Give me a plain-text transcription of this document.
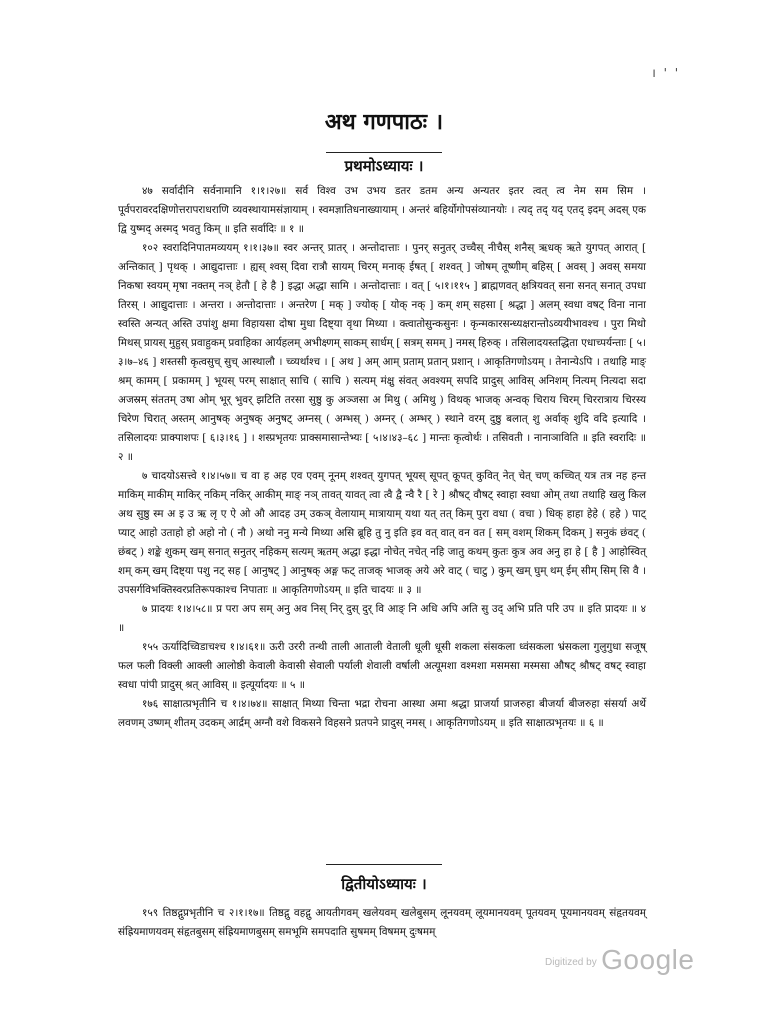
। ' '
अथ गणपाठः ।
प्रथमोऽध्यायः ।

४७ सर्वादीनि सर्वनामानि १।१।२७॥ सर्व विश्व उभ उभय डतर डतम अन्य अन्यतर इतर त्वत् त्व नेम सम सिम । पूर्वपरावरदक्षिणोत्तरापराधराणि व्यवस्थायामसंज्ञायाम् । स्वमज्ञातिधनाख्यायाम् । अन्तरं बहिर्योगोपसंव्यानयोः । त्यद् तद् यद् एतद् इदम् अदस् एक द्वि युष्मद् अस्मद् भवतु किम् ॥ इति सर्वादिः ॥ १ ॥

१०२ स्वरादिनिपातमव्ययम् १।१।३७॥ स्वर अन्तर् प्रातर् । अन्तोदात्ताः । पुनर् सनुतर् उच्चैस् नीचैस् शनैस् ऋधक् ऋते युगपत् आरात् [ अन्तिकात् ] पृथक् । आद्युदात्ताः । ह्यस् श्वस् दिवा रात्रौ सायम् चिरम् मनाक् ईषत् [ शश्वत् ] जोषम् तूष्णीम् बहिस् [ अवस् ] अवस् समया निकषा स्वयम् मृषा नक्तम् नञ् हेतौ [ हे है ] इद्धा अद्धा सामि । अन्तोदात्ताः । वत् [ ५।१।११५ ] ब्राह्मणवत् क्षत्रियवत् सना सनत् सनात् उपधा तिरस् । आद्युदात्ताः । अन्तरा । अन्तोदात्ताः । अन्तरेण [ मक् ] ज्योक् [ योक् नक् ] कम् शम् सहसा [ श्रद्धा ] अलम् स्वधा वषट् विना नाना स्वस्ति अन्यत् अस्ति उपांशु क्षमा विहायसा दोषा मुधा दिष्ट्या वृथा मिथ्या । क्त्वातोसुन्कसुनः । कृन्मकारसन्ध्यक्षरान्तोऽव्ययीभावश्च । पुरा मिथो मिथस् प्रायस् मुहुस् प्रवाहुकम् प्रवाहिका आर्यहलम् अभीक्ष्णम् साकम् सार्धम् [ सत्रम् समम् ] नमस् हिरुक् । तसिलादयस्तद्धिता एधाच्पर्यन्ताः [ ५।३।७–४६ ] शस्तसी कृत्वसुच् सुच् आस्थालौ । च्व्यर्थाश्च । [ अथ ] अम् आम् प्रताम् प्रतान् प्रशान् । आकृतिगणोऽयम् । तेनान्येऽपि । तथाहि माङ् श्रम् कामम् [ प्रकामम् ] भूयस् परम् साक्षात् साचि ( साचि ) सत्यम् मंक्षु संवत् अवश्यम् सपदि प्रादुस् आविस् अनिशम् नित्यम् नित्यदा सदा अजस्रम् संततम् उषा ओम् भूर् भुवर् झटिति तरसा सुष्ठु कु अञ्जसा अ मिथु ( अमिथु ) विथक् भाजक् अन्वक् चिराय चिरम् चिररात्राय चिरस्य चिरेण चिरात् अस्तम् आनुषक् अनुषक् अनुषट् अम्नस् ( अम्भस् ) अम्नर् ( अम्भर् ) स्थाने वरम् दुष्ठु बलात् शु अर्वाक् शुदि वदि इत्यादि । तसिलादयः प्राक्पाशपः [ ६।३।१६ ] । शस्प्रभृतयः प्राक्समासान्तेभ्यः [ ५।४।४३–६८ ] मान्तः कृत्वोर्थः । तसिवती । नानाञाविति ॥ इति स्वरादिः ॥ २ ॥

७ चादयोऽसत्त्वे १।४।५७॥ च वा ह अह एव एवम् नूनम् शश्वत् युगपत् भूयस् सूपत् कूपत् कुवित् नेत् चेत् चण् कच्चित् यत्र तत्र नह हन्त माकिम् माकीम् माकिर् नकिम् नकिर् आकीम् माङ् नञ् तावत् यावत् त्वा त्वै द्वै न्वै रै [ रे ] श्रौषट् वौषट् स्वाहा स्वधा ओम् तथा तथाहि खलु किल अथ सुष्ठु स्म अ इ उ ऋ लृ ए ऐ ओ औ आदह उम् उकञ् वेलायाम् मात्रायाम् यथा यत् तत् किम् पुरा वधा ( वचा ) धिक् हाहा हेहे ( हहे ) पाट् प्याट् आहो उताहो हो अहो नो ( नौ ) अथो ननु मन्ये मिथ्या असि ब्रूहि तु नु इति इव वत् वात् वन वत [ सम् वशम् शिकम् दिकम् ] सनुकं छंवट् ( छंबट् ) शङ्के शुकम् खम् सनात् सनुतर् नहिकम् सत्यम् ऋतम् अद्धा इद्धा नोचेत् नचेत् नहि जातु कथम् कुतः कुत्र अव अनु हा हे [ है ] आहोस्वित् शम् कम् खम् दिष्ट्या पशु नट् सह [ आनुषट् ] आनुषक् अङ्ग फट् ताजक् भाजक् अये अरे वाट् ( चाटु ) कुम् खम् घुम् थम् ईम् सीम् सिम् सि वै । उपसर्गविभक्तिस्वरप्रतिरूपकाश्च निपाताः ॥ आकृतिगणोऽयम् ॥ इति चादयः ॥ ३ ॥

७ प्रादयः १।४।५८॥ प्र परा अप सम् अनु अव निस् निर् दुस् दुर् वि आङ् नि अधि अपि अति सु उद् अभि प्रति परि उप ॥ इति प्रादयः ॥ ४ ॥

१५५ ऊर्यादिच्विडाचश्च १।४।६१॥ ऊरी उररी तन्थी ताली आताली वेताली धूली धूसी शकला संसकला ध्वंसकला भ्रंसकला गुलुगुधा सजूष् फल फली विक्ली आक्ली आलोष्ठी केवाली केवासी सेवाली पर्याली शेवाली वर्षाली अत्यूमशा वश्मशा मसमसा मस्मसा औषट् श्रौषट् वषट् स्वाहा स्वधा पांपी प्रादुस् श्रत् आविस् ॥ इत्यूर्यादयः ॥ ५ ॥

१७६ साक्षात्प्रभृतीनि च १।४।७४॥ साक्षात् मिथ्या चिन्ता भद्रा रोचना आस्था अमा श्रद्धा प्राजर्या प्राजरुहा बीजर्या बीजरुहा संसर्या अर्थे लवणम् उष्णम् शीतम् उदकम् आर्द्रम् अग्नौ वशे विकसने विहसने प्रतपने प्रादुस् नमस् । आकृतिगणोऽयम् ॥ इति साक्षात्प्रभृतयः ॥ ६ ॥

द्वितीयोऽध्यायः ।

१५९ तिष्ठद्गुप्रभृतीनि च २।१।१७॥ तिष्ठद्गु वहद्गु आयतीगवम् खलेयवम् खलेबुसम् लूनयवम् लूयमानयवम् पूतयवम् पूयमानयवम् संहृतयवम् संह्रियमाणयवम् संहृतबुसम् संह्रियमाणबुसम् समभूमि समपदाति सुषमम् विषमम् दुःषमम्

$^{Digitized by}$ Google
